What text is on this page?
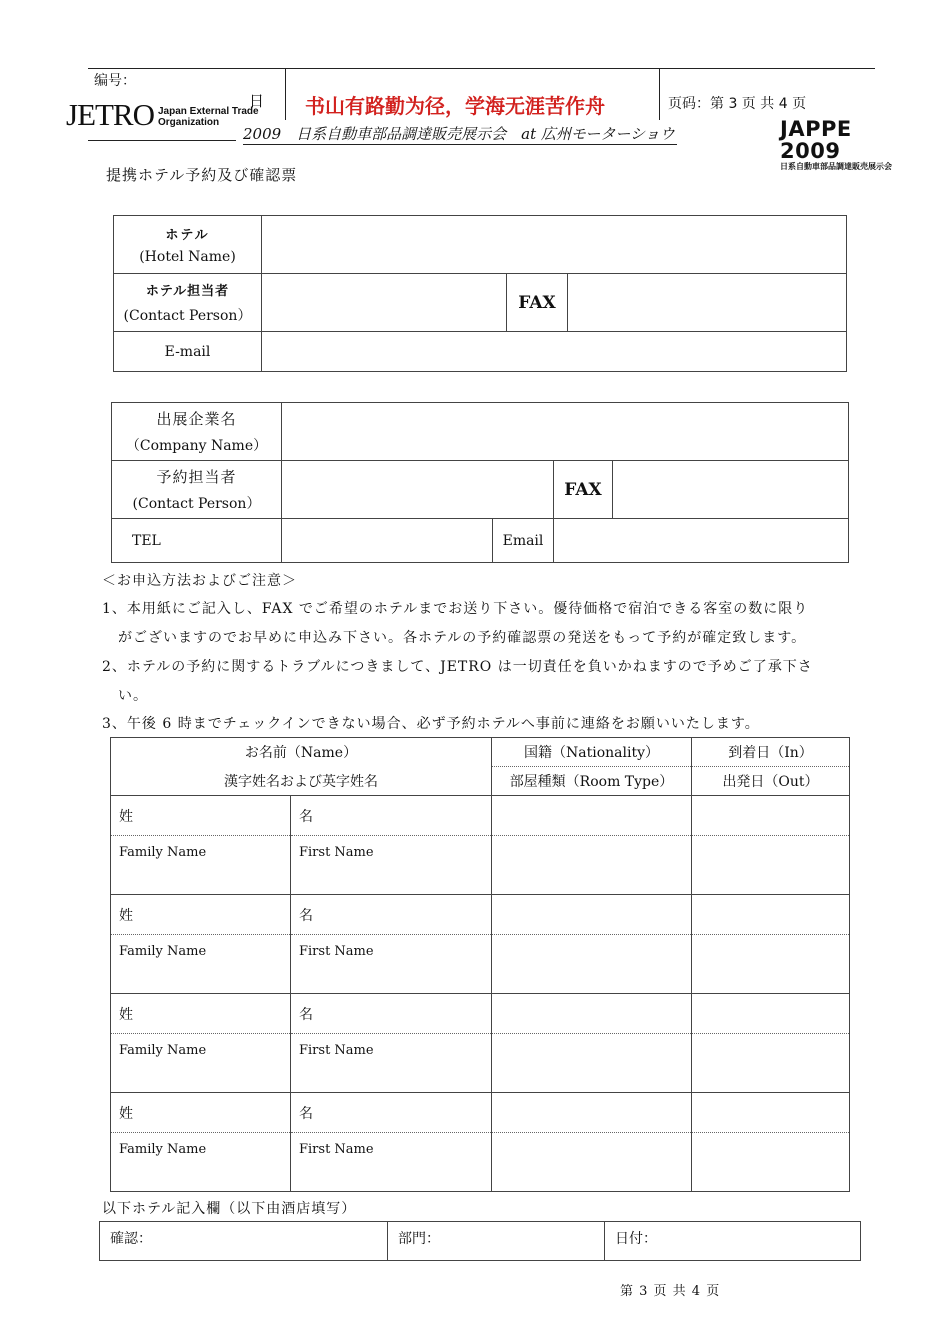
编号：
日 书山有路勤为径，学海无涯苦作舟	页码：第 3 页 共 4 页
JETRO Japan External Trade
Organization
2009　日系自動車部品調達販売展示会　at 広州モーターショウ	JAPPE 2009
日系自動車部品調達販売展示会
提携ホテル予約及び確認票
ホテル
(Hotel Name)			

ホテル担当者
(Contact Person）		FAX	
E-mail			
出展企業名
（Company Name）				

予約担当者
(Contact Person）			FAX	

TEL		Email		
＜お申込方法およびご注意＞
1、本用紙にご記入し、FAX でご希望のホテルまでお送り下さい。優待価格で宿泊できる客室の数に限り
がございますのでお早めに申込み下さい。各ホテルの予約確認票の発送をもって予約が確定致します。
2、ホテルの予約に関するトラブルにつきまして、JETRO は一切責任を負いかねますので予めご了承下さ
い。
3、午後 6 時までチェックインできない場合、必ず予約ホテルへ事前に連絡をお願いいたします。
お名前（Name）		国籍（Nationality）	到着日（In）
漢字姓名および英字姓名		部屋種類（Room Type）	出発日（Out）
姓	名		
Family Name	First Name		
姓	名		
Family Name	First Name		
姓	名		
Family Name	First Name		
姓	名		
Family Name	First Name		
以下ホテル記入欄（以下由酒店填写）
確認：	部門：	日付：
第 3 页 共 4 页
